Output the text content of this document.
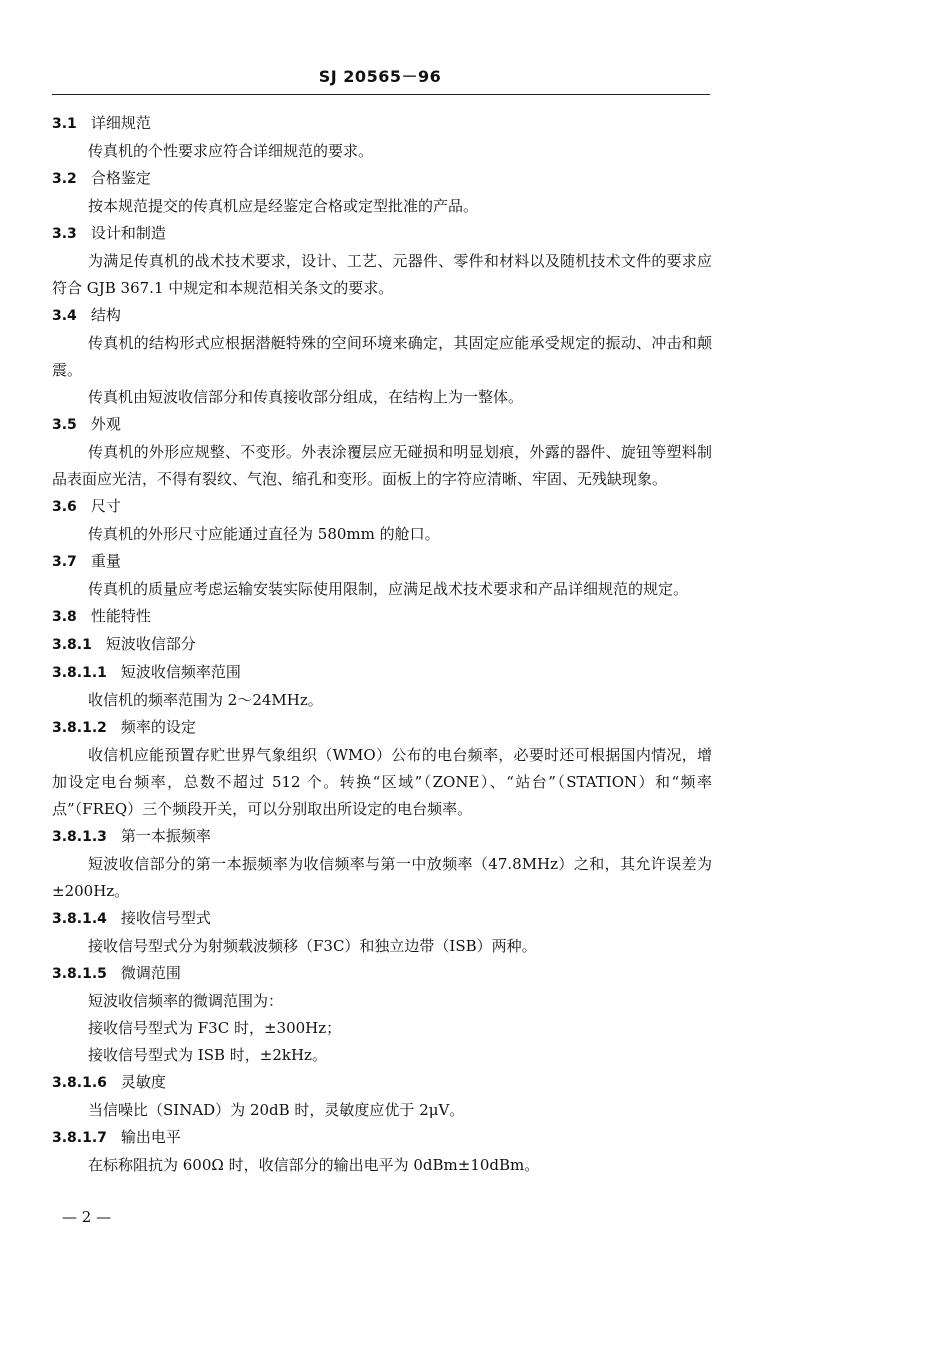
SJ 20565－96
3.1 详细规范
传真机的个性要求应符合详细规范的要求。
3.2 合格鉴定
按本规范提交的传真机应是经鉴定合格或定型批准的产品。
3.3 设计和制造
为满足传真机的战术技术要求，设计、工艺、元器件、零件和材料以及随机技术文件的要求应符合 GJB 367.1 中规定和本规范相关条文的要求。
3.4 结构
传真机的结构形式应根据潜艇特殊的空间环境来确定，其固定应能承受规定的振动、冲击和颠震。
传真机由短波收信部分和传真接收部分组成，在结构上为一整体。
3.5 外观
传真机的外形应规整、不变形。外表涂覆层应无碰损和明显划痕，外露的器件、旋钮等塑料制品表面应光洁，不得有裂纹、气泡、缩孔和变形。面板上的字符应清晰、牢固、无残缺现象。
3.6 尺寸
传真机的外形尺寸应能通过直径为 580mm 的舱口。
3.7 重量
传真机的质量应考虑运输安装实际使用限制，应满足战术技术要求和产品详细规范的规定。
3.8 性能特性
3.8.1 短波收信部分
3.8.1.1 短波收信频率范围
收信机的频率范围为 2～24MHz。
3.8.1.2 频率的设定
收信机应能预置存贮世界气象组织（WMO）公布的电台频率，必要时还可根据国内情况，增加设定电台频率，总数不超过 512 个。转换“区域”（ZONE）、“站台”（STATION）和“频率点”（FREQ）三个频段开关，可以分别取出所设定的电台频率。
3.8.1.3 第一本振频率
短波收信部分的第一本振频率为收信频率与第一中放频率（47.8MHz）之和，其允许误差为 ±200Hz。
3.8.1.4 接收信号型式
接收信号型式分为射频载波频移（F3C）和独立边带（ISB）两种。
3.8.1.5 微调范围
短波收信频率的微调范围为：
接收信号型式为 F3C 时，±300Hz；
接收信号型式为 ISB 时，±2kHz。
3.8.1.6 灵敏度
当信噪比（SINAD）为 20dB 时，灵敏度应优于 2μV。
3.8.1.7 输出电平
在标称阻抗为 600Ω 时，收信部分的输出电平为 0dBm±10dBm。
— 2 —
